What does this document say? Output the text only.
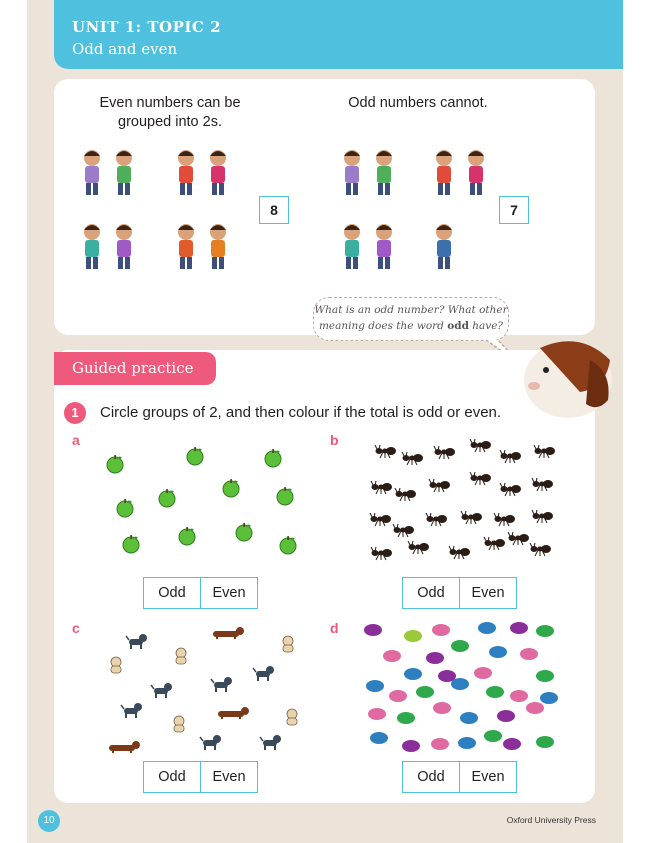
UNIT 1: TOPIC 2
Odd and even
Even numbers can be
grouped into 2s.
Odd numbers cannot.
8	7
What is an odd number? What other
meaning does the word odd have?
Guided practice
1	Circle groups of 2, and then colour if the total is odd or even.
a	b
c	d
Odd	Even	Odd	Even
Odd	Even	Odd	Even
10	Oxford University Press
